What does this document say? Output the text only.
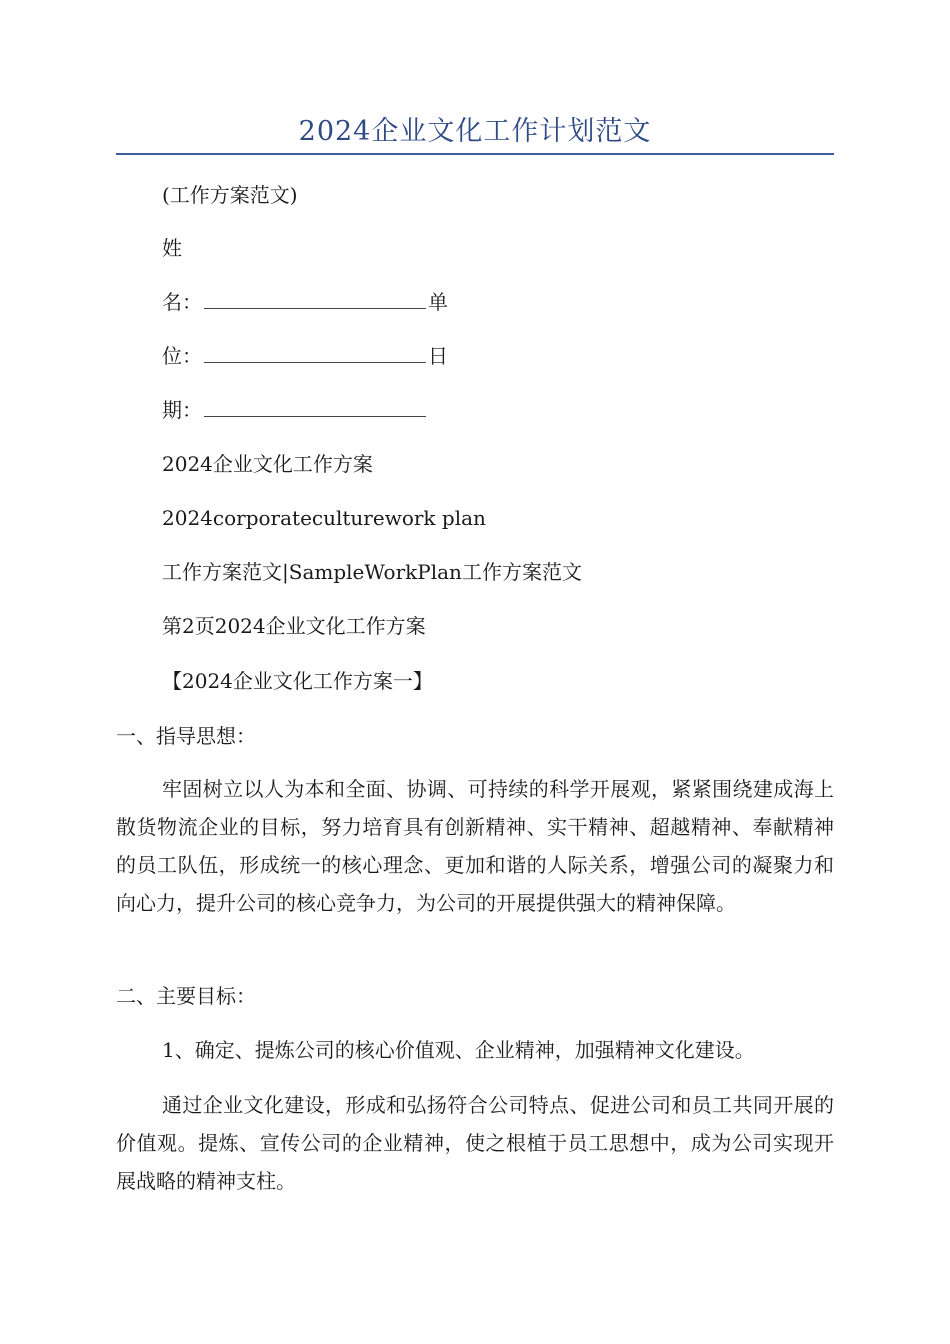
2024企业文化工作计划范文
(工作方案范文)
姓
名：	单
位：	日
期：
2024企业文化工作方案
2024corporateculturework plan
工作方案范文|SampleWorkPlan工作方案范文
第2页2024企业文化工作方案
【2024企业文化工作方案一】
一、指导思想：
牢固树立以人为本和全面、协调、可持续的科学开展观，紧紧围绕建成海上散货物流企业的目标，努力培育具有创新精神、实干精神、超越精神、奉献精神的员工队伍，形成统一的核心理念、更加和谐的人际关系，增强公司的凝聚力和向心力，提升公司的核心竞争力，为公司的开展提供强大的精神保障。
二、主要目标：
1、确定、提炼公司的核心价值观、企业精神，加强精神文化建设。
通过企业文化建设，形成和弘扬符合公司特点、促进公司和员工共同开展的价值观。提炼、宣传公司的企业精神，使之根植于员工思想中，成为公司实现开展战略的精神支柱。
